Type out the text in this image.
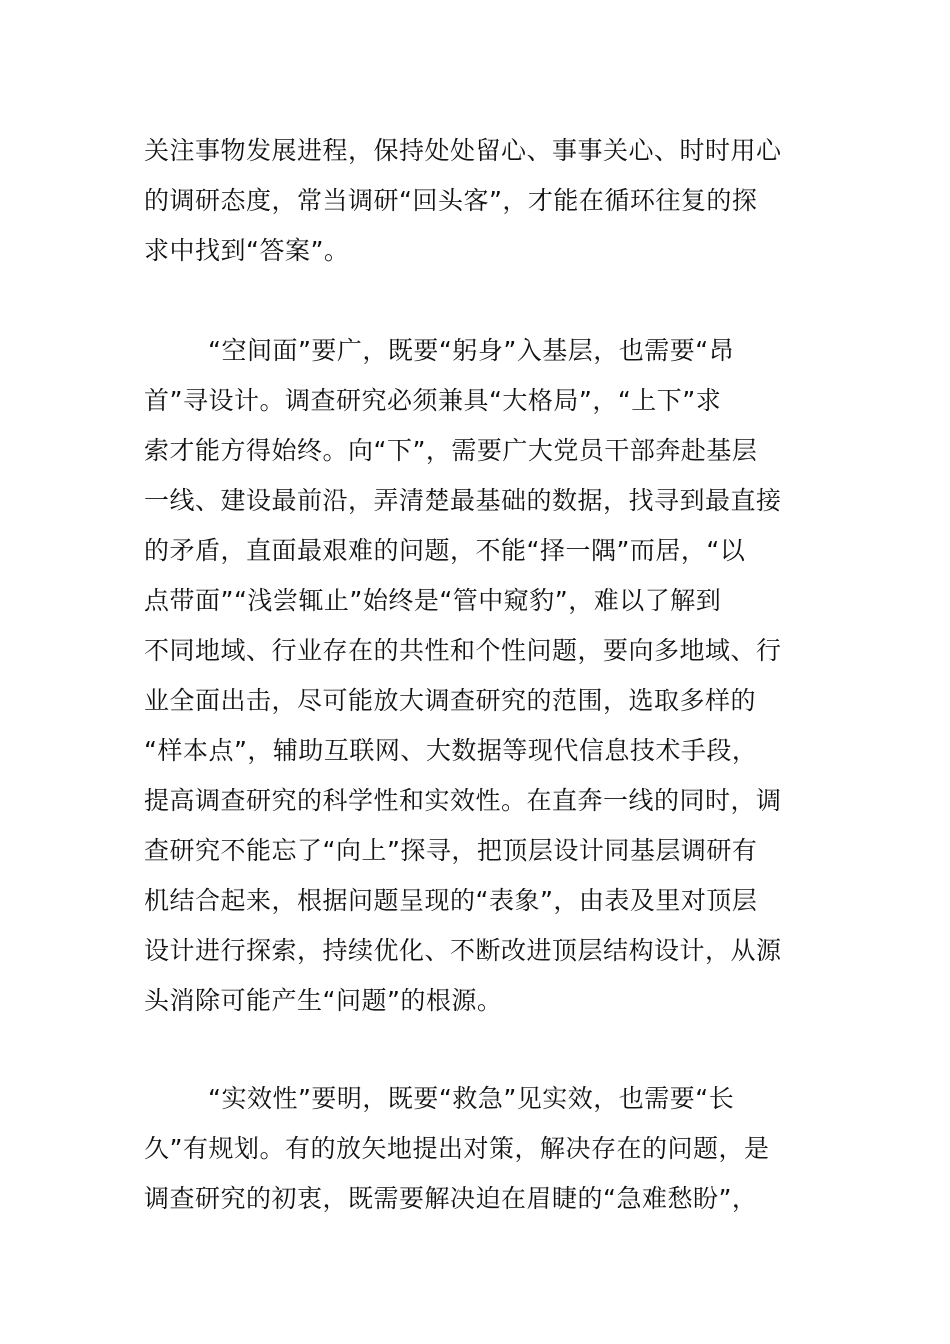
关注事物发展进程，保持处处留心、事事关心、时时用心
的调研态度，常当调研“回头客”，才能在循环往复的探
求中找到“答案”。
“空间面”要广，既要“躬身”入基层，也需要“昂
首”寻设计。调查研究必须兼具“大格局”，“上下”求
索才能方得始终。向“下”，需要广大党员干部奔赴基层
一线、建设最前沿，弄清楚最基础的数据，找寻到最直接
的矛盾，直面最艰难的问题，不能“择一隅”而居，“以
点带面”“浅尝辄止”始终是“管中窥豹”，难以了解到
不同地域、行业存在的共性和个性问题，要向多地域、行
业全面出击，尽可能放大调查研究的范围，选取多样的
“样本点”，辅助互联网、大数据等现代信息技术手段，
提高调查研究的科学性和实效性。在直奔一线的同时，调
查研究不能忘了“向上”探寻，把顶层设计同基层调研有
机结合起来，根据问题呈现的“表象”，由表及里对顶层
设计进行探索，持续优化、不断改进顶层结构设计，从源
头消除可能产生“问题”的根源。
“实效性”要明，既要“救急”见实效，也需要“长
久”有规划。有的放矢地提出对策，解决存在的问题，是
调查研究的初衷，既需要解决迫在眉睫的“急难愁盼”，
